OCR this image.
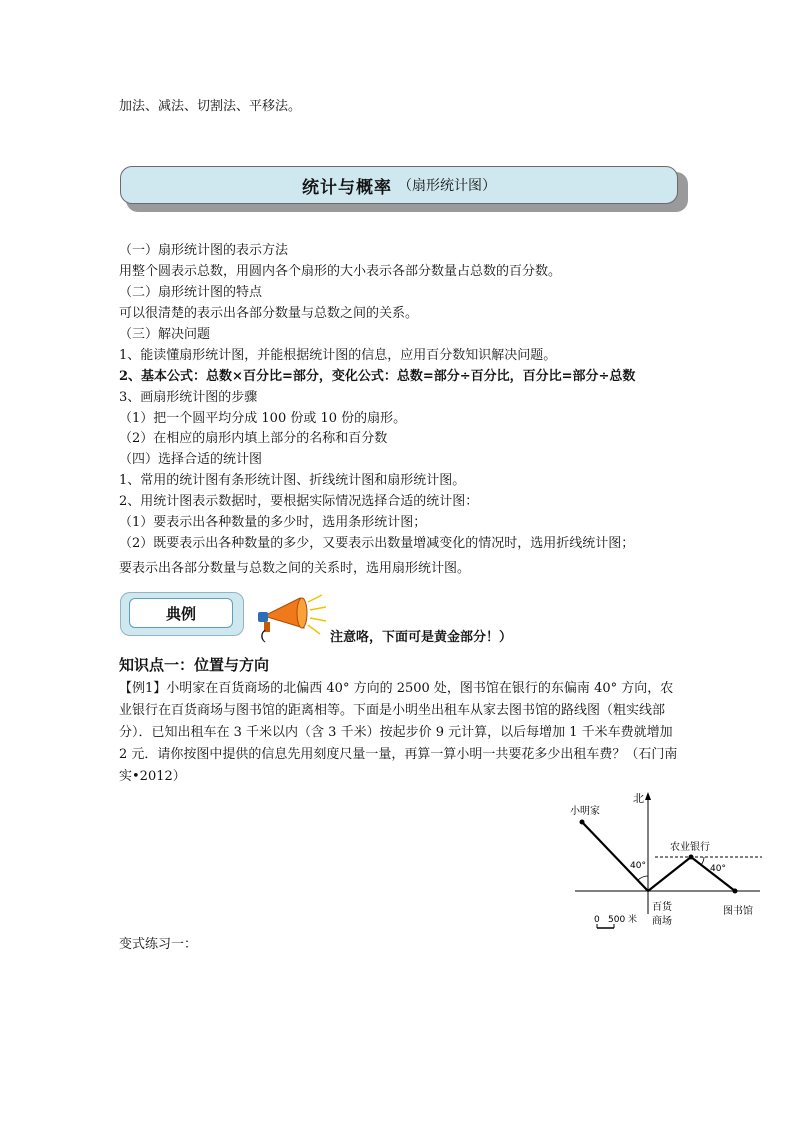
加法、减法、切割法、平移法。
统计与概率 （扇形统计图）
（一）扇形统计图的表示方法
用整个圆表示总数，用圆内各个扇形的大小表示各部分数量占总数的百分数。
（二）扇形统计图的特点
可以很清楚的表示出各部分数量与总数之间的关系。
（三）解决问题
1、能读懂扇形统计图，并能根据统计图的信息，应用百分数知识解决问题。
2、基本公式：总数×百分比=部分，变化公式：总数=部分÷百分比，百分比=部分÷总数
3、画扇形统计图的步骤
（1）把一个圆平均分成 100 份或 10 份的扇形。
（2）在相应的扇形内填上部分的名称和百分数
（四）选择合适的统计图
1、常用的统计图有条形统计图、折线统计图和扇形统计图。
2、用统计图表示数据时，要根据实际情况选择合适的统计图：
（1）要表示出各种数量的多少时，选用条形统计图；
（2）既要表示出各种数量的多少，又要表示出数量增减变化的情况时，选用折线统计图；
要表示出各部分数量与总数之间的关系时，选用扇形统计图。
典例
（	注意咯，下面可是黄金部分！）
知识点一：位置与方向
【例1】小明家在百货商场的北偏西 40° 方向的 2500 处，图书馆在银行的东偏南 40° 方向，农业银行在百货商场与图书馆的距离相等。下面是小明坐出租车从家去图书馆的路线图（粗实线部分）．已知出租车在 3 千米以内（含 3 千米）按起步价 9 元计算，以后每增加 1 千米车费就增加 2 元．请你按图中提供的信息先用刻度尺量一量，再算一算小明一共要花多少出租车费？（石门南实•2012）
北
小明家
农业银行
40°	40°
百货
商场
图书馆
0 500 米
变式练习一：
